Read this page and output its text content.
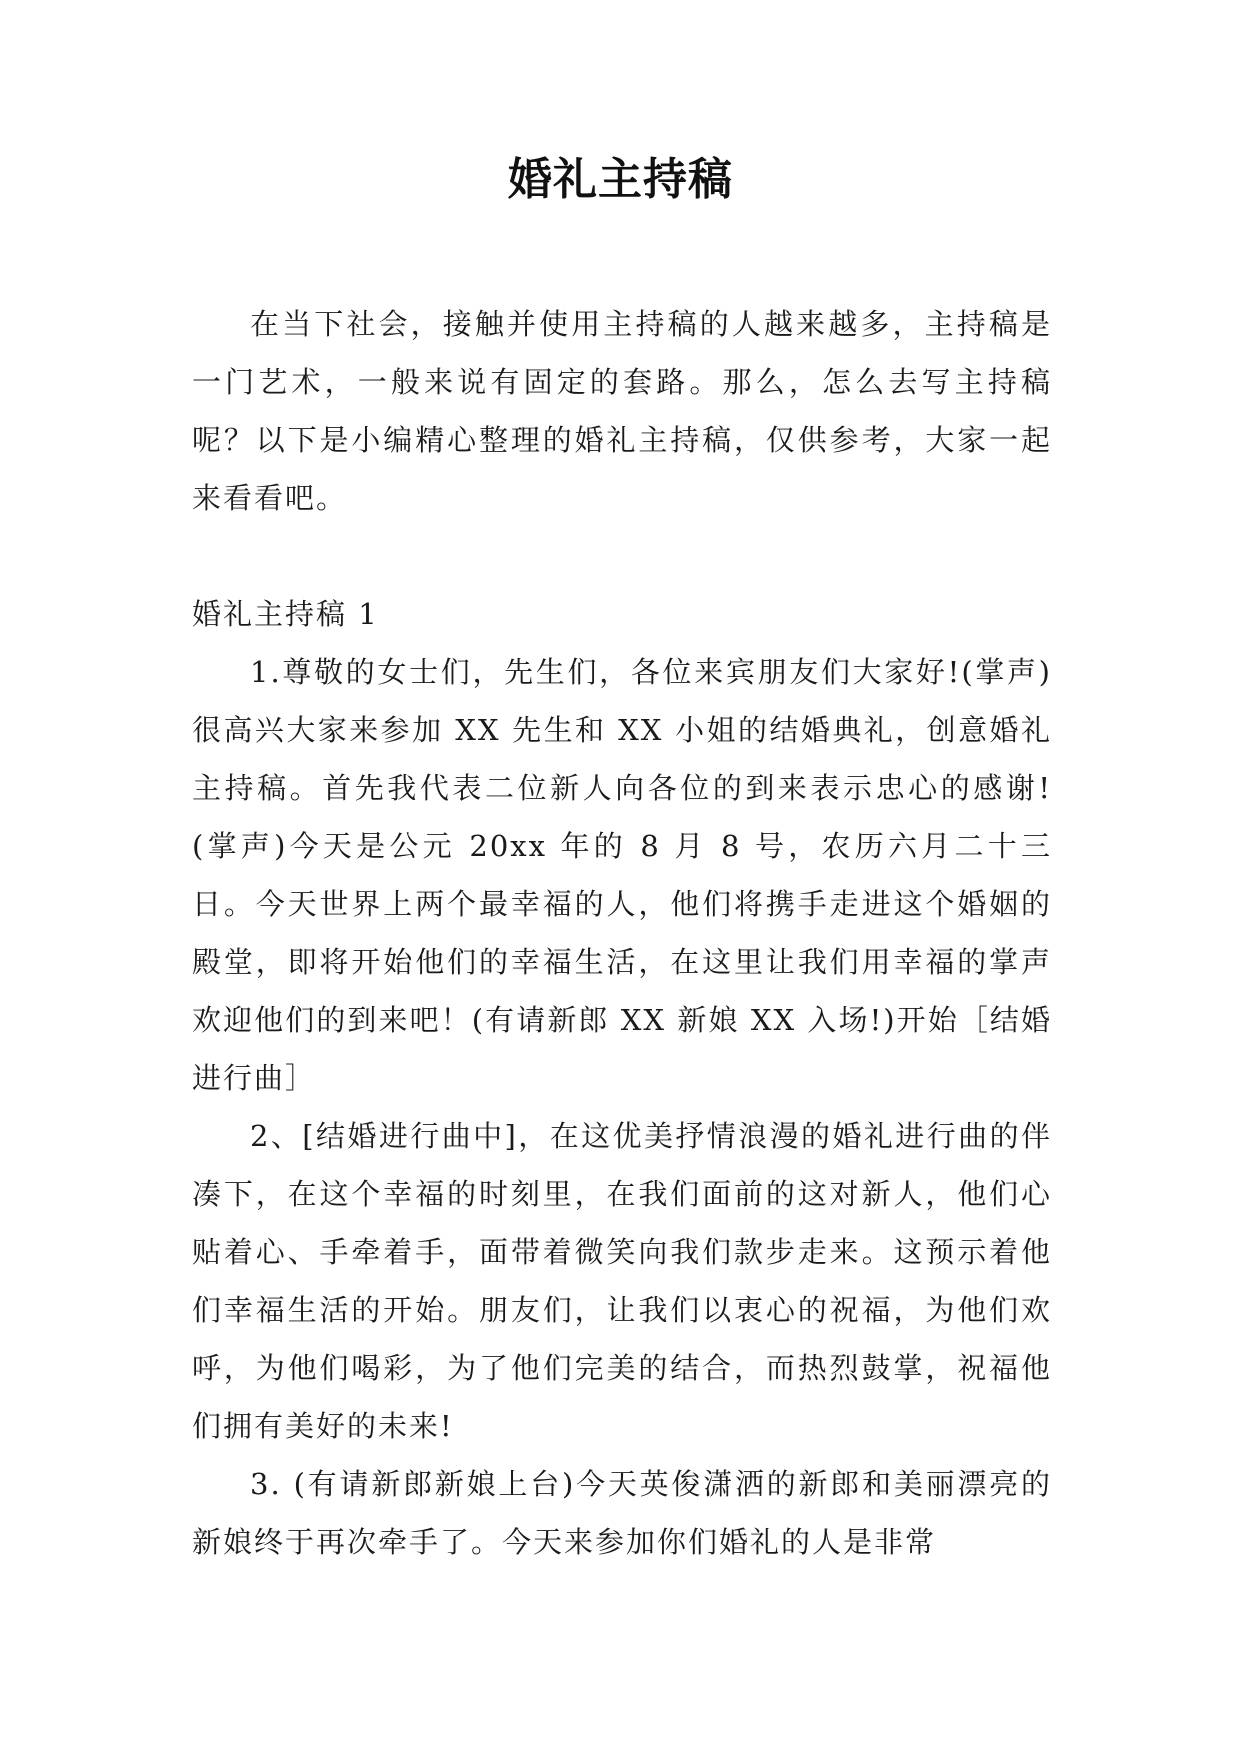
婚礼主持稿

在当下社会，接触并使用主持稿的人越来越多，主持稿是一门艺术，一般来说有固定的套路。那么，怎么去写主持稿呢？以下是小编精心整理的婚礼主持稿，仅供参考，大家一起来看看吧。

婚礼主持稿 1

1.尊敬的女士们，先生们，各位来宾朋友们大家好!(掌声)很高兴大家来参加 XX 先生和 XX 小姐的结婚典礼，创意婚礼主持稿。首先我代表二位新人向各位的到来表示忠心的感谢!(掌声)今天是公元 20xx 年的 8 月 8 号，农历六月二十三日。今天世界上两个最幸福的人，他们将携手走进这个婚姻的殿堂，即将开始他们的幸福生活，在这里让我们用幸福的掌声欢迎他们的到来吧！(有请新郎 XX 新娘 XX 入场!)开始［结婚进行曲］

2、[结婚进行曲中]，在这优美抒情浪漫的婚礼进行曲的伴凑下，在这个幸福的时刻里，在我们面前的这对新人，他们心贴着心、手牵着手，面带着微笑向我们款步走来。这预示着他们幸福生活的开始。朋友们，让我们以衷心的祝福，为他们欢呼，为他们喝彩，为了他们完美的结合，而热烈鼓掌，祝福他们拥有美好的未来!

3. (有请新郎新娘上台)今天英俊潇洒的新郎和美丽漂亮的新娘终于再次牵手了。今天来参加你们婚礼的人是非常
